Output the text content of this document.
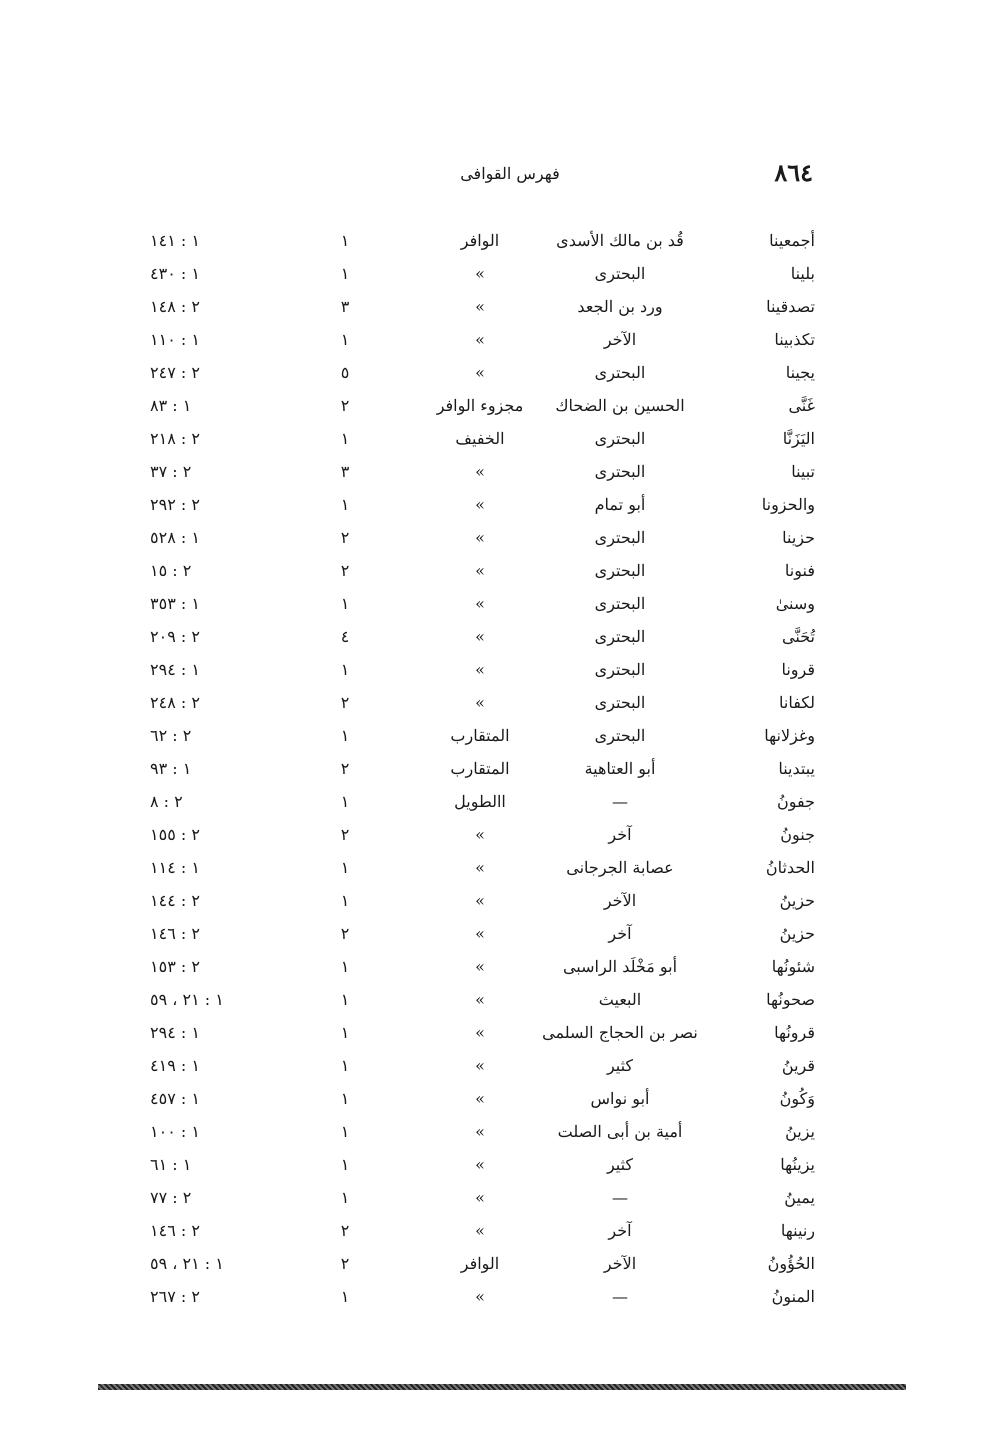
٨٦٤
فهرس القوافى
أجمعينا
قُد بن مالك الأسدى
الوافر
١
١ : ١٤١
بلينا
البحترى
»
١
١ : ٤٣٠
تصدقينا
ورد بن الجعد
»
٣
٢ : ١٤٨
تكذبينا
الآخر
»
١
١ : ١١٠
يجينا
البحترى
»
٥
٢ : ٢٤٧
غَنَّى
الحسين بن الضحاك
مجزوء الوافر
٢
١ : ٨٣
اليَزَنَّا
البحترى
الخفيف
١
٢ : ٢١٨
تبينا
البحترى
»
٣
٢ : ٣٧
والحزونا
أبو تمام
»
١
٢ : ٢٩٢
حزينا
البحترى
»
٢
١ : ٥٢٨
فنونا
البحترى
»
٢
٢ : ١٥
وسنىٰ
البحترى
»
١
١ : ٣٥٣
تُحَنَّى
البحترى
»
٤
٢ : ٢٠٩
قرونا
البحترى
»
١
١ : ٢٩٤
لكفانا
البحترى
»
٢
٢ : ٢٤٨
وغزلانها
البحترى
المتقارب
١
٢ : ٦٢
يبتدينا
أبو العتاهية
المتقارب
٢
١ : ٩٣
جفونُ
—
االطويل
١
٢ : ٨
جنونُ
آخر
»
٢
٢ : ١٥٥
الحدثانُ
عصابة الجرجانى
»
١
١ : ١١٤
حزينُ
الآخر
»
١
٢ : ١٤٤
حزينُ
آخر
»
٢
٢ : ١٤٦
شئونُها
أبو مَخْلَد الراسبى
»
١
٢ : ١٥٣
صحونُها
البعيث
»
١
١ : ٢١ ، ٥٩
قرونُها
نصر بن الحجاج السلمى
»
١
١ : ٢٩٤
قرينُ
كثير
»
١
١ : ٤١٩
وَكُونُ
أبو نواس
»
١
١ : ٤٥٧
يزينُ
أمية بن أبى الصلت
»
١
١ : ١٠٠
يزينُها
كثير
»
١
١ : ٦١
يمينُ
—
»
١
٢ : ٧٧
رنينها
آخر
»
٢
٢ : ١٤٦
الحُؤُونُ
الآخر
الوافر
٢
١ : ٢١ ، ٥٩
المنونُ
—
»
١
٢ : ٢٦٧
